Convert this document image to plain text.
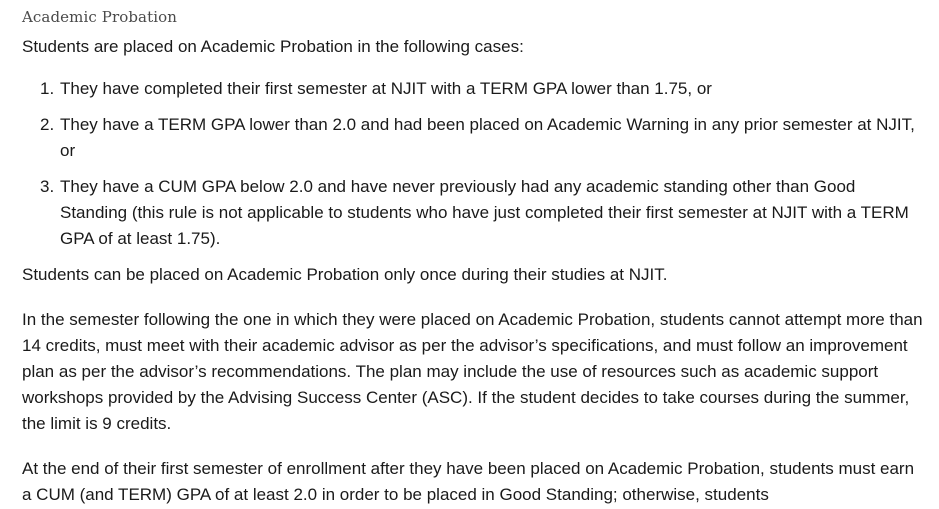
Academic Probation
Students are placed on Academic Probation in the following cases:
1. They have completed their first semester at NJIT with a TERM GPA lower than 1.75, or
2. They have a TERM GPA lower than 2.0 and had been placed on Academic Warning in any prior semester at NJIT, or
3. They have a CUM GPA below 2.0 and have never previously had any academic standing other than Good Standing (this rule is not applicable to students who have just completed their first semester at NJIT with a TERM GPA of at least 1.75).
Students can be placed on Academic Probation only once during their studies at NJIT.
In the semester following the one in which they were placed on Academic Probation, students cannot attempt more than 14 credits, must meet with their academic advisor as per the advisor’s specifications, and must follow an improvement plan as per the advisor’s recommendations. The plan may include the use of resources such as academic support workshops provided by the Advising Success Center (ASC). If the student decides to take courses during the summer, the limit is 9 credits.
At the end of their first semester of enrollment after they have been placed on Academic Probation, students must earn a CUM (and TERM) GPA of at least 2.0 in order to be placed in Good Standing; otherwise, students
